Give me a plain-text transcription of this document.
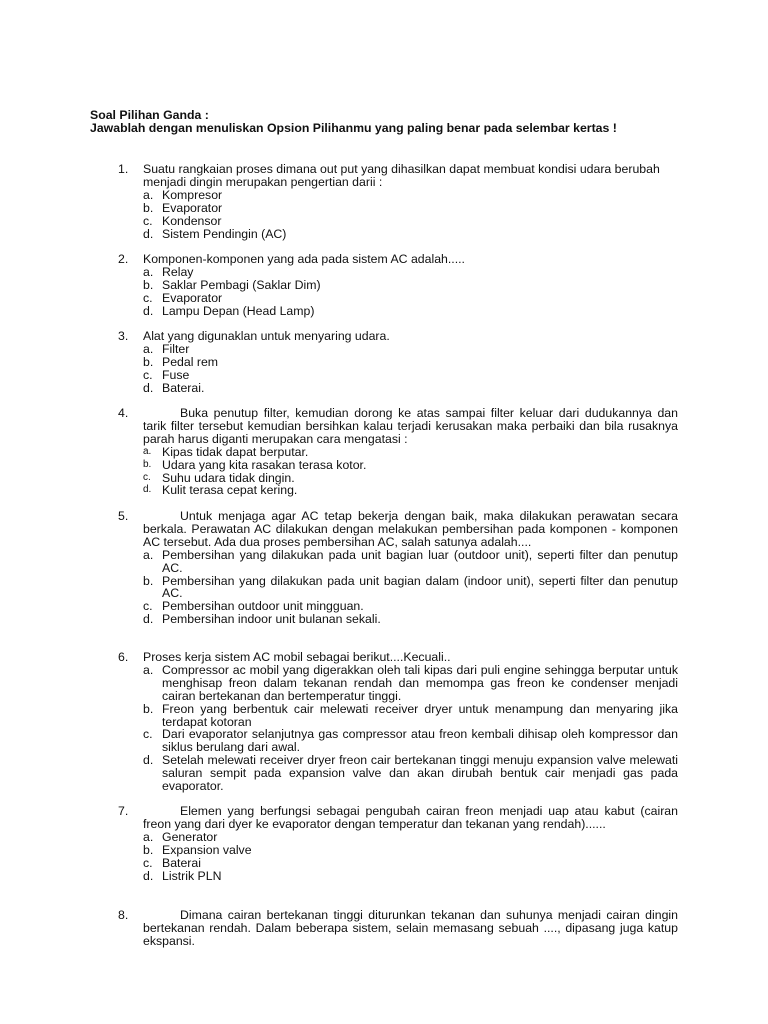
Soal Pilihan Ganda :
Jawablah dengan menuliskan Opsion Pilihanmu yang paling benar pada selembar kertas !
1. Suatu rangkaian proses dimana out put yang dihasilkan dapat membuat kondisi udara berubah menjadi dingin merupakan pengertian darii :
a. Kompresor
b. Evaporator
c. Kondensor
d. Sistem Pendingin (AC)
2. Komponen-komponen yang ada pada sistem AC adalah.....
a. Relay
b. Saklar Pembagi (Saklar Dim)
c. Evaporator
d. Lampu Depan (Head Lamp)
3. Alat yang digunaklan untuk menyaring udara.
a. Filter
b. Pedal rem
c. Fuse
d. Baterai.
4.	Buka penutup filter, kemudian dorong ke atas sampai filter keluar dari dudukannya dan tarik filter tersebut kemudian bersihkan kalau terjadi kerusakan maka perbaiki dan bila rusaknya parah harus diganti merupakan cara mengatasi :
a. Kipas tidak dapat berputar.
b. Udara yang kita rasakan terasa kotor.
c. Suhu udara tidak dingin.
d. Kulit terasa cepat kering.
5.	Untuk menjaga agar AC tetap bekerja dengan baik, maka dilakukan perawatan secara berkala. Perawatan AC dilakukan dengan melakukan pembersihan pada komponen - komponen AC tersebut. Ada dua proses pembersihan AC, salah satunya adalah....
a. Pembersihan yang dilakukan pada unit bagian luar (outdoor unit), seperti filter dan penutup AC.
b. Pembersihan yang dilakukan pada unit bagian dalam (indoor unit), seperti filter dan penutup AC.
c. Pembersihan outdoor unit mingguan.
d. Pembersihan indoor unit bulanan sekali.
6. Proses kerja sistem AC mobil sebagai berikut....Kecuali..
a. Compressor ac mobil yang digerakkan oleh tali kipas dari puli engine sehingga berputar untuk menghisap freon dalam tekanan rendah dan memompa gas freon ke condenser menjadi cairan bertekanan dan bertemperatur tinggi.
b. Freon yang berbentuk cair melewati receiver dryer untuk menampung dan menyaring jika terdapat kotoran
c. Dari evaporator selanjutnya gas compressor atau freon kembali dihisap oleh kompressor dan siklus berulang dari awal.
d. Setelah melewati receiver dryer freon cair bertekanan tinggi menuju expansion valve melewati saluran sempit pada expansion valve dan akan dirubah bentuk cair menjadi gas pada evaporator.
7.	Elemen yang berfungsi sebagai pengubah cairan freon menjadi uap atau kabut (cairan freon yang dari dyer ke evaporator dengan temperatur dan tekanan yang rendah)......
a. Generator
b. Expansion valve
c. Baterai
d. Listrik PLN
8.	Dimana cairan bertekanan tinggi diturunkan tekanan dan suhunya menjadi cairan dingin bertekanan rendah. Dalam beberapa sistem, selain memasang sebuah ...., dipasang juga katup ekspansi.
